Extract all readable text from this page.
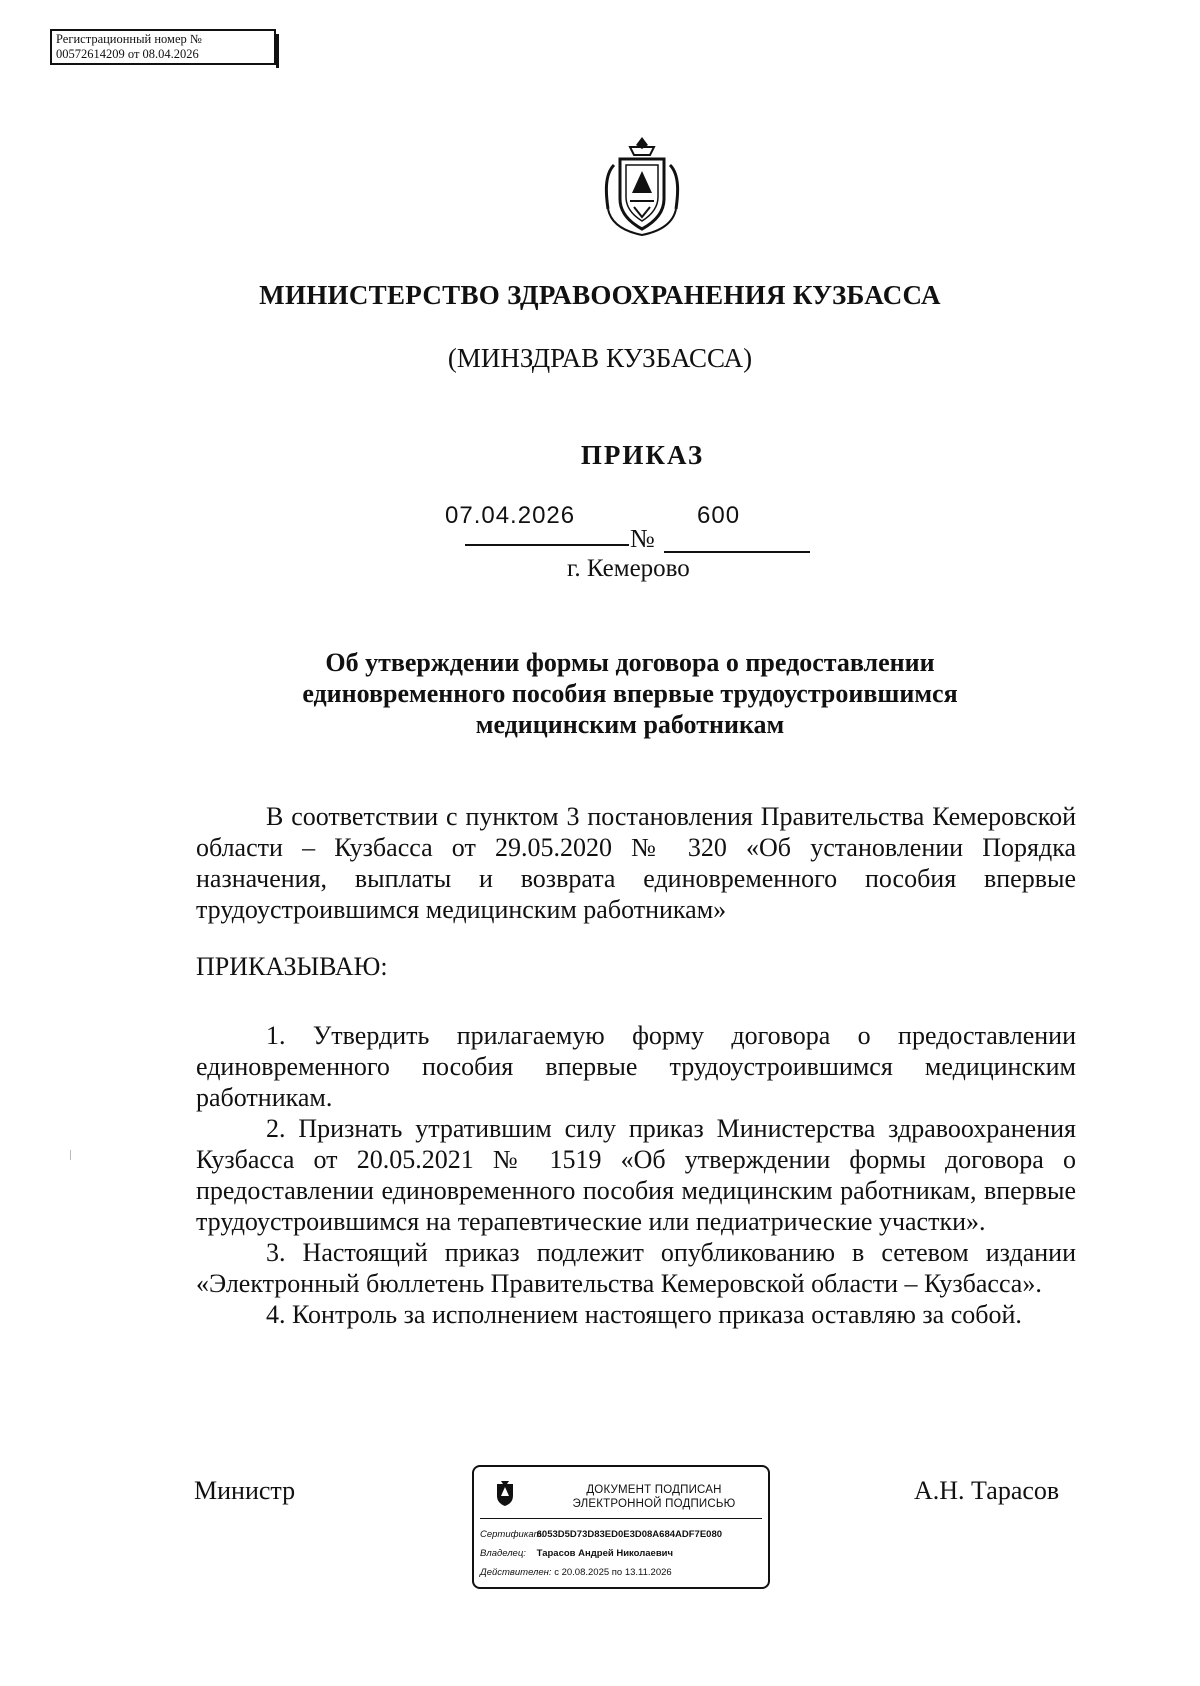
Регистрационный номер №
00572614209 от 08.04.2026
МИНИСТЕРСТВО ЗДРАВООХРАНЕНИЯ КУЗБАССА
(МИНЗДРАВ КУЗБАССА)
ПРИКАЗ
07.04.2026
№
600
г. Кемерово
Об утверждении формы договора о предоставлении
единовременного пособия впервые трудоустроившимся
медицинским работникам
В соответствии с пунктом 3 постановления Правительства Кемеровской области – Кузбасса от 29.05.2020 № 320 «Об установлении Порядка назначения, выплаты и возврата единовременного пособия впервые трудоустроившимся медицинским работникам»
ПРИКАЗЫВАЮ:

1. Утвердить прилагаемую форму договора о предоставлении единовременного пособия впервые трудоустроившимся медицинским работникам.

2. Признать утратившим силу приказ Министерства здравоохранения Кузбасса от 20.05.2021 № 1519 «Об утверждении формы договора о предоставлении единовременного пособия медицинским работникам, впервые трудоустроившимся на терапевтические или педиатрические участки».

3. Настоящий приказ подлежит опубликованию в сетевом издании «Электронный бюллетень Правительства Кемеровской области – Кузбасса».

4. Контроль за исполнением настоящего приказа оставляю за собой.

Министр	ДОКУМЕНТ ПОДПИСАН
ЭЛЕКТРОННОЙ ПОДПИСЬЮ
Сертификат: 6053D5D73D83ED0E3D08A684ADF7E080
Владелец: Тарасов Андрей Николаевич
Действителен: с 20.08.2025 по 13.11.2026
А.Н. Тарасов
